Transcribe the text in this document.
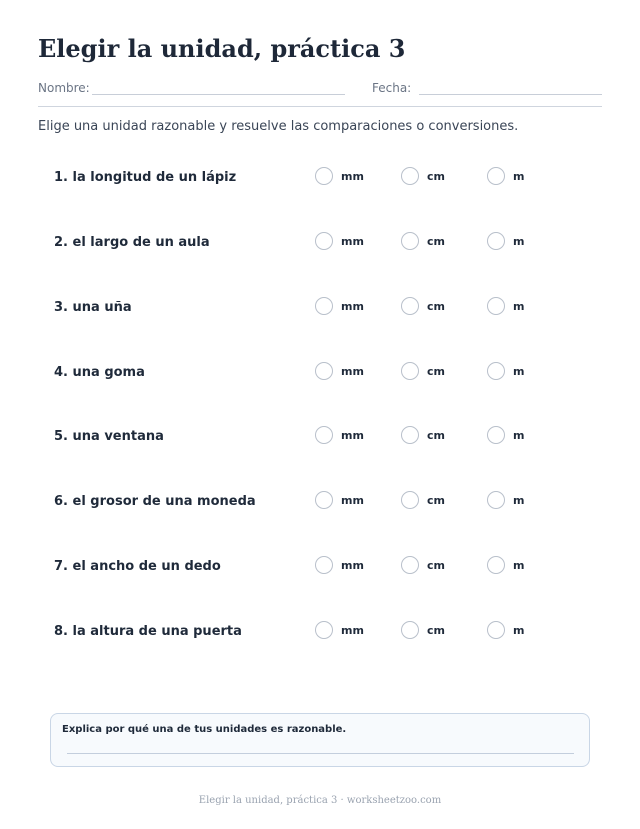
Elegir la unidad, práctica 3
Nombre:	Fecha:
Elige una unidad razonable y resuelve las comparaciones o conversiones.
1. la longitud de un lápiz	mm	cm	m
2. el largo de un aula	mm	cm	m
3. una uña	mm	cm	m
4. una goma	mm	cm	m
5. una ventana	mm	cm	m
6. el grosor de una moneda	mm	cm	m
7. el ancho de un dedo	mm	cm	m
8. la altura de una puerta	mm	cm	m
Explica por qué una de tus unidades es razonable.
Elegir la unidad, práctica 3 · worksheetzoo.com
